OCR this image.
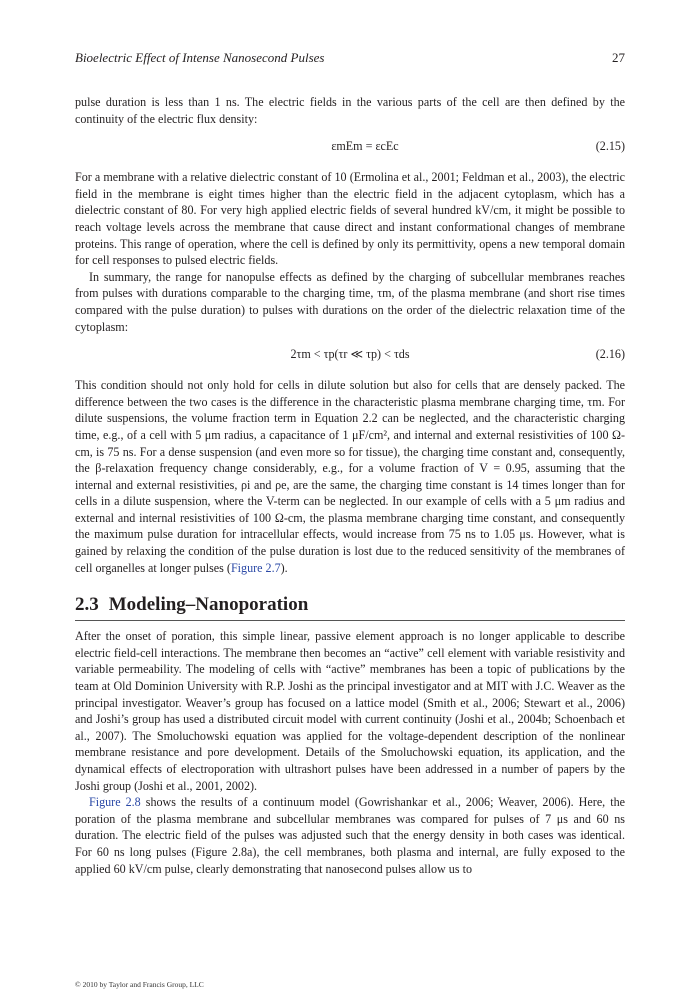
Bioelectric Effect of Intense Nanosecond Pulses	27

pulse duration is less than 1 ns. The electric fields in the various parts of the cell are then defined by the continuity of the electric flux density:

εmEm = εcEc	(2.15)

For a membrane with a relative dielectric constant of 10 (Ermolina et al., 2001; Feldman et al., 2003), the electric field in the membrane is eight times higher than the electric field in the adjacent cytoplasm, which has a dielectric constant of 80. For very high applied electric fields of several hundred kV/cm, it might be possible to reach voltage levels across the membrane that cause direct and instant conformational changes of membrane proteins. This range of operation, where the cell is defined by only its permittivity, opens a new temporal domain for cell responses to pulsed electric fields.

In summary, the range for nanopulse effects as defined by the charging of subcellular membranes reaches from pulses with durations comparable to the charging time, τm, of the plasma membrane (and short rise times compared with the pulse duration) to pulses with durations on the order of the dielectric relaxation time of the cytoplasm:

2τm < τp(τr ≪ τp) < τds	(2.16)

This condition should not only hold for cells in dilute solution but also for cells that are densely packed. The difference between the two cases is the difference in the characteristic plasma membrane charging time, τm. For dilute suspensions, the volume fraction term in Equation 2.2 can be neglected, and the characteristic charging time, e.g., of a cell with 5 μm radius, a capacitance of 1 μF/cm², and internal and external resistivities of 100 Ω-cm, is 75 ns. For a dense suspension (and even more so for tissue), the charging time constant and, consequently, the β-relaxation frequency change considerably, e.g., for a volume fraction of V = 0.95, assuming that the internal and external resistivities, ρi and ρe, are the same, the charging time constant is 14 times longer than for cells in a dilute suspension, where the V-term can be neglected. In our example of cells with a 5 μm radius and external and internal resistivities of 100 Ω-cm, the plasma membrane charging time constant, and consequently the maximum pulse duration for intracellular effects, would increase from 75 ns to 1.05 μs. However, what is gained by relaxing the condition of the pulse duration is lost due to the reduced sensitivity of the membranes of cell organelles at longer pulses (Figure 2.7).

2.3 Modeling–Nanoporation

After the onset of poration, this simple linear, passive element approach is no longer applicable to describe electric field-cell interactions. The membrane then becomes an “active” cell element with variable resistivity and variable permeability. The modeling of cells with “active” membranes has been a topic of publications by the team at Old Dominion University with R.P. Joshi as the principal investigator and at MIT with J.C. Weaver as the principal investigator. Weaver’s group has focused on a lattice model (Smith et al., 2006; Stewart et al., 2006) and Joshi’s group has used a distributed circuit model with current continuity (Joshi et al., 2004b; Schoenbach et al., 2007). The Smoluchowski equation was applied for the voltage-dependent description of the nonlinear membrane resistance and pore development. Details of the Smoluchowski equation, its application, and the dynamical effects of electroporation with ultrashort pulses have been addressed in a number of papers by the Joshi group (Joshi et al., 2001, 2002).

Figure 2.8 shows the results of a continuum model (Gowrishankar et al., 2006; Weaver, 2006). Here, the poration of the plasma membrane and subcellular membranes was compared for pulses of 7 μs and 60 ns duration. The electric field of the pulses was adjusted such that the energy density in both cases was identical. For 60 ns long pulses (Figure 2.8a), the cell membranes, both plasma and internal, are fully exposed to the applied 60 kV/cm pulse, clearly demonstrating that nanosecond pulses allow us to

© 2010 by Taylor and Francis Group, LLC
